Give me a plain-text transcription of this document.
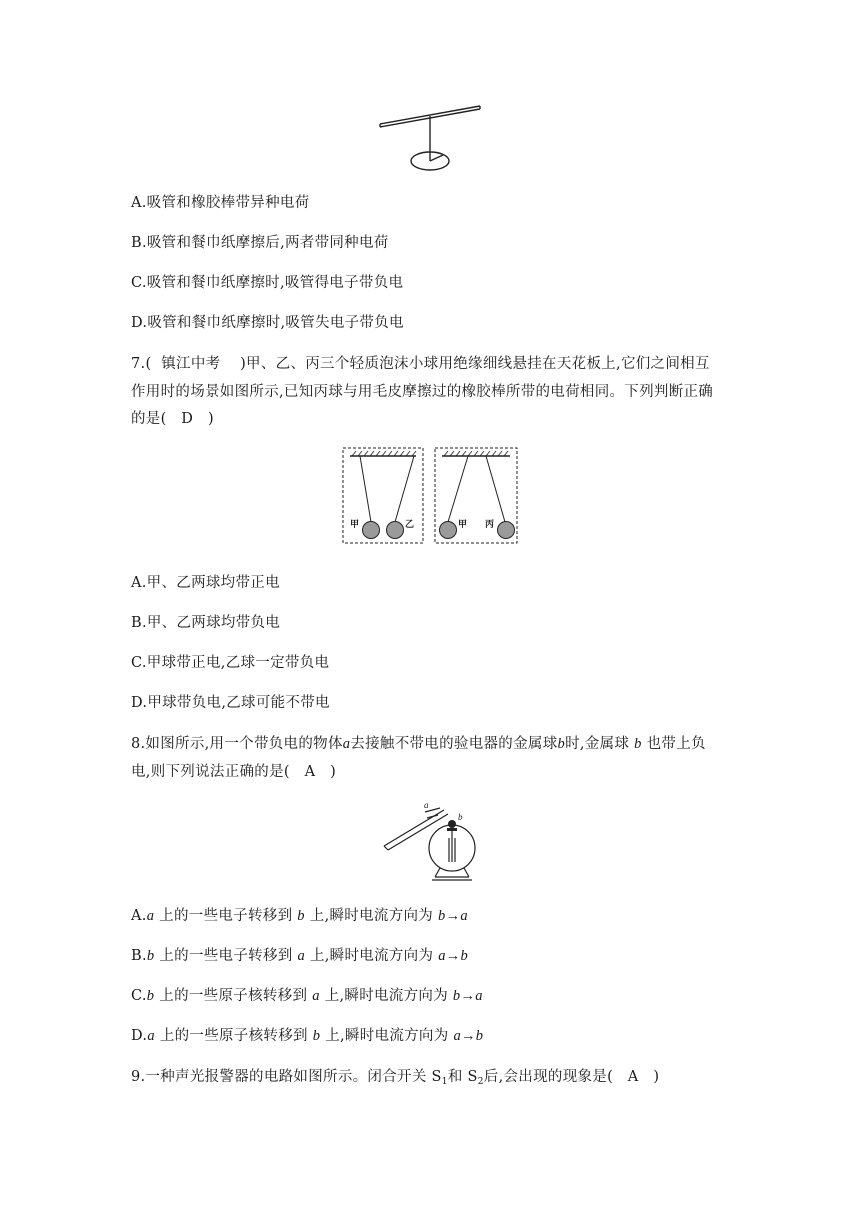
A.吸管和橡胶棒带异种电荷
B.吸管和餐巾纸摩擦后,两者带同种电荷
C.吸管和餐巾纸摩擦时,吸管得电子带负电
D.吸管和餐巾纸摩擦时,吸管失电子带负电
7.( 镇江中考 )甲、乙、丙三个轻质泡沫小球用绝缘细线悬挂在天花板上,它们之间相互
作用时的场景如图所示,已知丙球与用毛皮摩擦过的橡胶棒所带的电荷相同。下列判断正确
的是( D )
甲	乙	甲 丙
A.甲、乙两球均带正电
B.甲、乙两球均带负电
C.甲球带正电,乙球一定带负电
D.甲球带负电,乙球可能不带电
8.如图所示,用一个带负电的物体a去接触不带电的验电器的金属球b时,金属球 b 也带上负
电,则下列说法正确的是( A )
a
b
A.a 上的一些电子转移到 b 上,瞬时电流方向为 b→a
B.b 上的一些电子转移到 a 上,瞬时电流方向为 a→b
C.b 上的一些原子核转移到 a 上,瞬时电流方向为 b→a
D.a 上的一些原子核转移到 b 上,瞬时电流方向为 a→b
9.一种声光报警器的电路如图所示。闭合开关 $S_1$和 $S_2$后,会出现的现象是( A )
